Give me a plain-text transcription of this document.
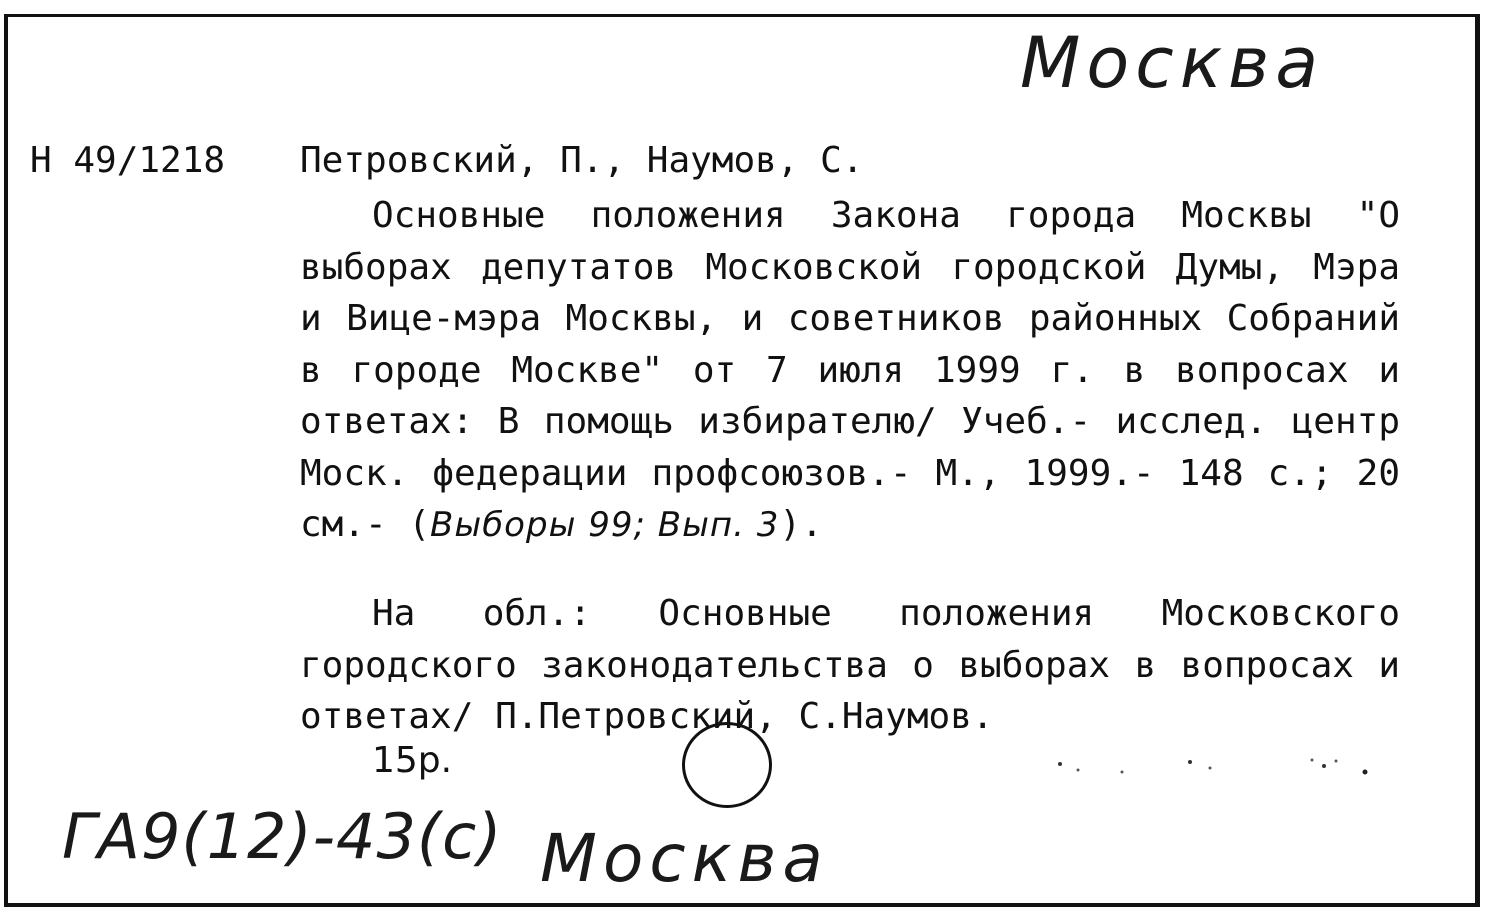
Москва
Н 49/1218 Петровский, П., Наумов, С.
Основные положения Закона города Москвы "О выборах депутатов Московской городской Думы, Мэра и Вице-мэра Москвы, и советников районных Собраний в городе Москве" от 7 июля 1999 г. в вопросах и ответах: В помощь избирателю/ Учеб.- исслед. центр Моск. федерации профсоюзов.- М., 1999.- 148 с.; 20 см.- (Выборы 99; Вып. 3).
На обл.: Основные положения Московского городского законодательства о выборах в вопросах и ответах/ П.Петровский, С.Наумов.
15р.
ГА9(12)-43(с) Москва
